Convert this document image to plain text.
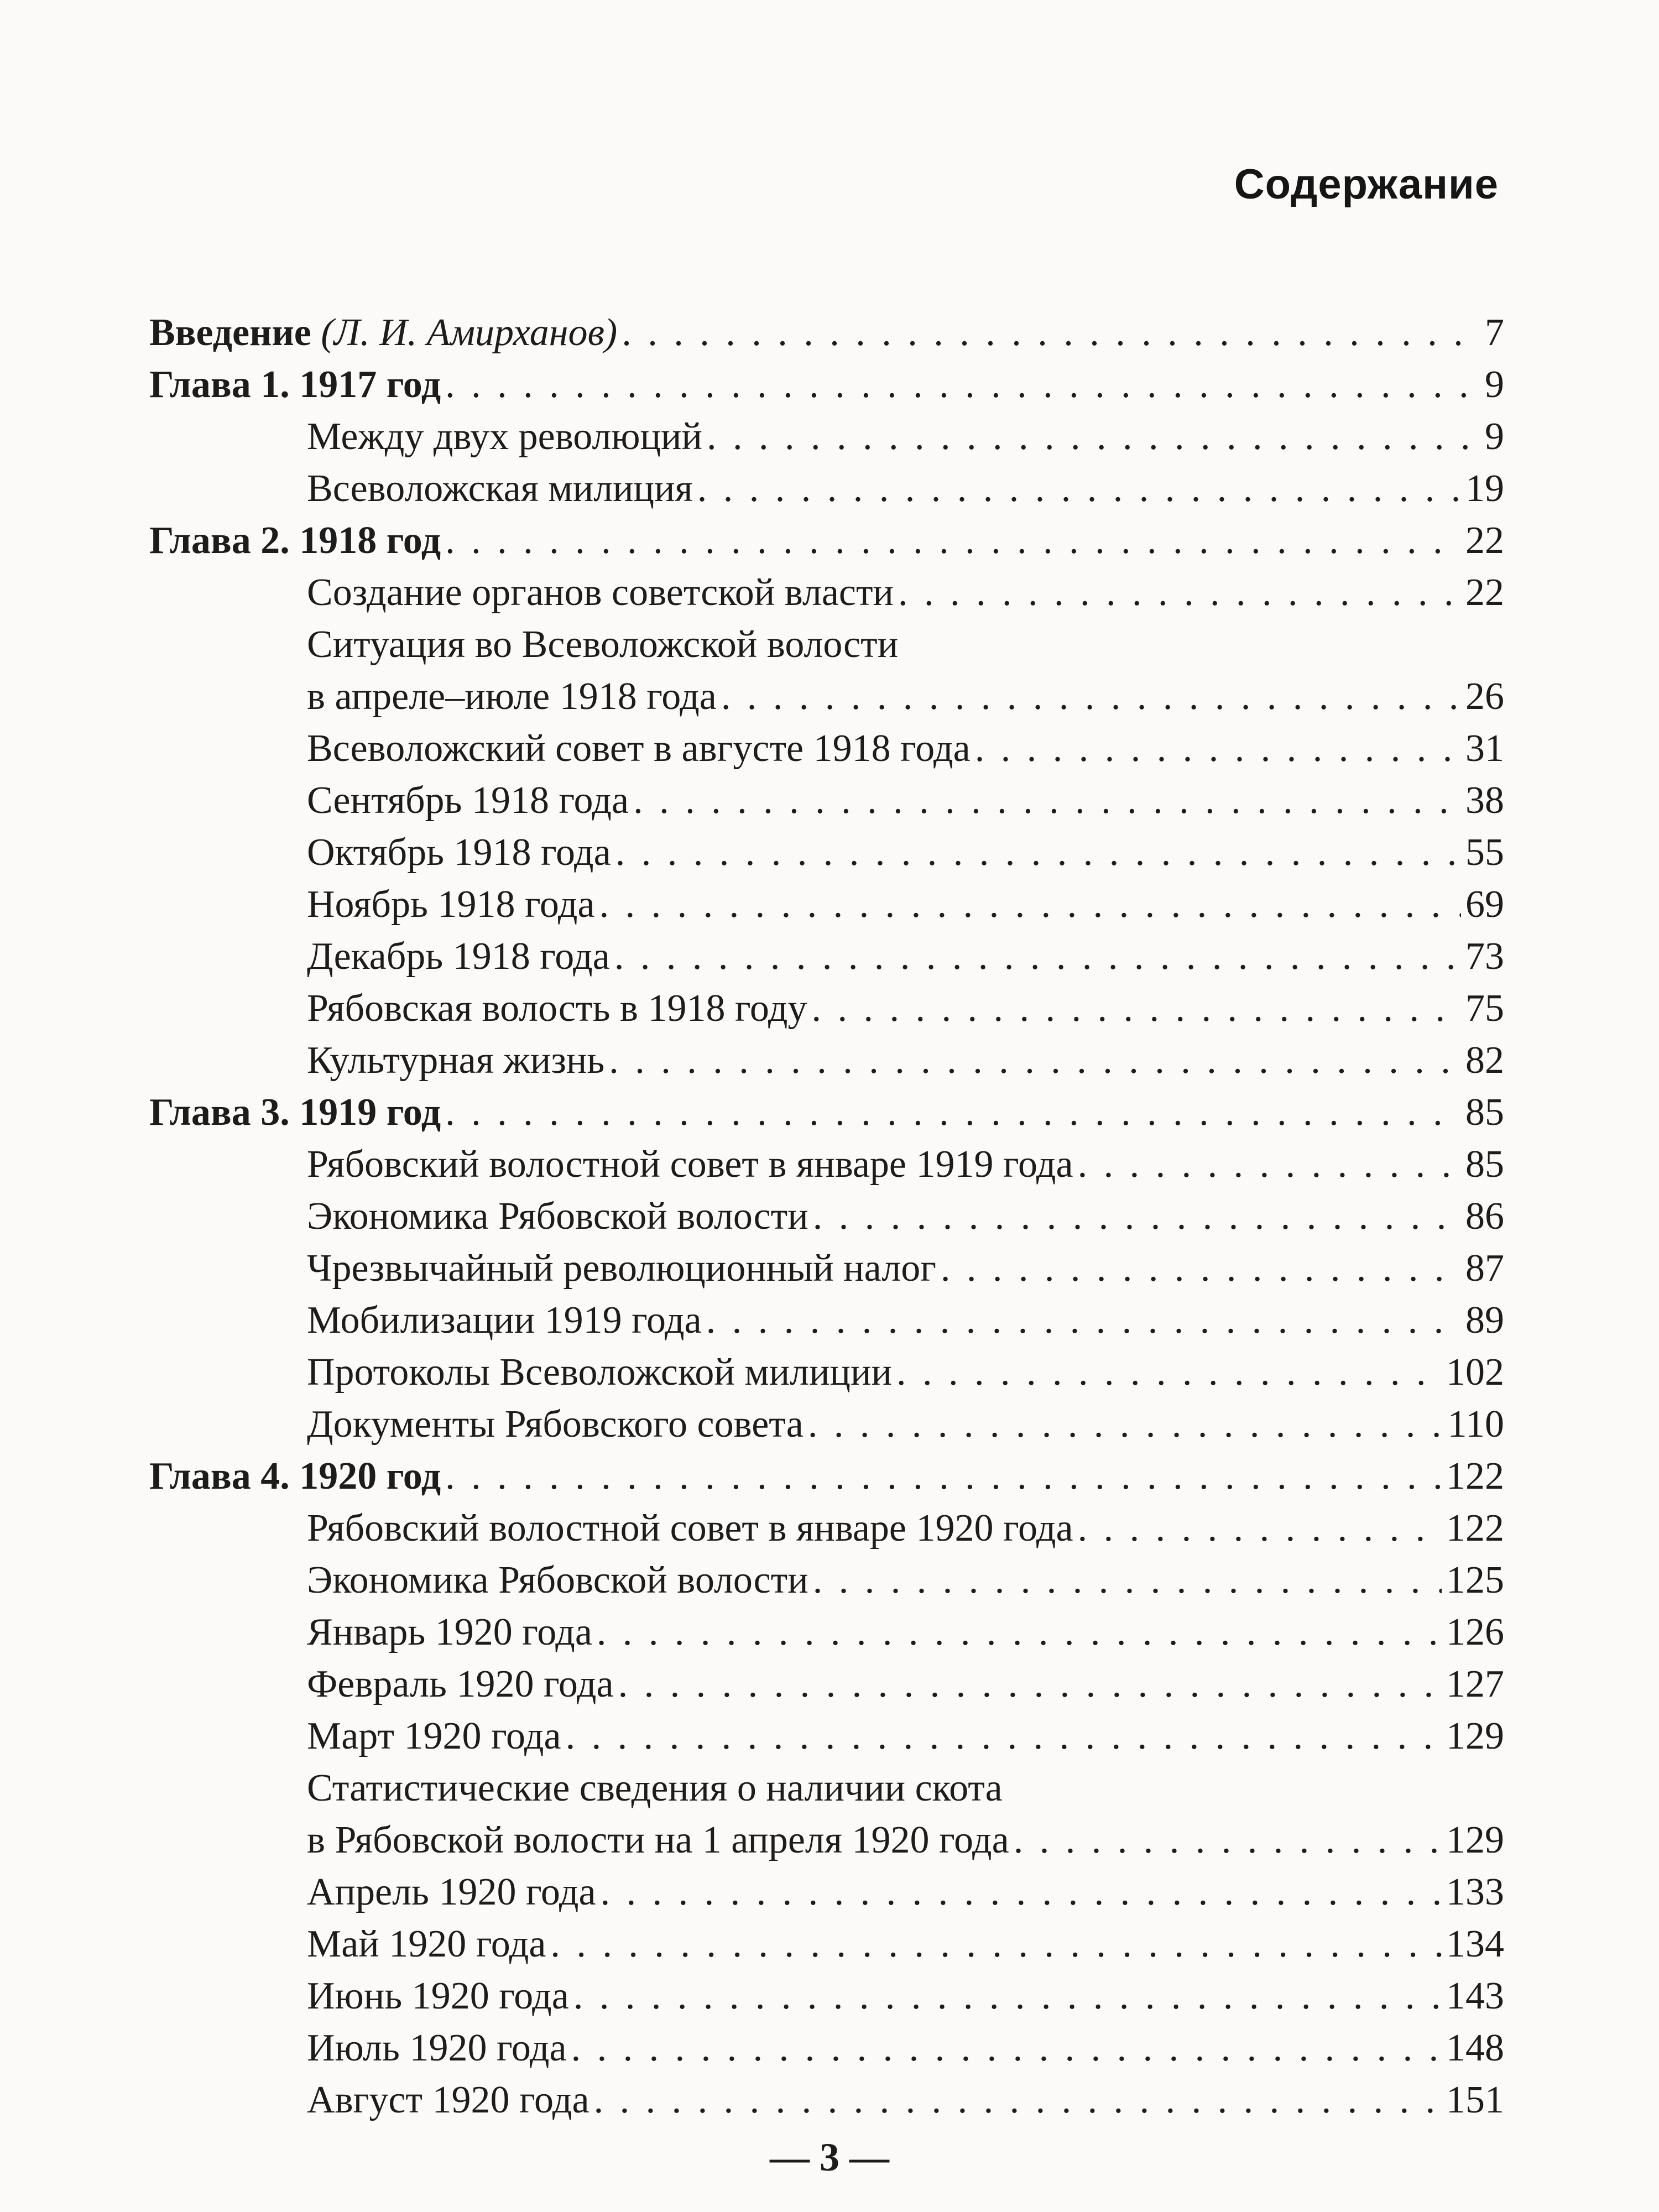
Содержание
Введение (Л. И. Амирханов) . . .	7
Глава 1. 1917 год . . .	9
Между двух революций . . .	9
Всеволожская милиция . . .	19
Глава 2. 1918 год . . .	22
Создание органов советской власти . . .	22
Ситуация во Всеволожской волости
в апреле–июле 1918 года . . .	26
Всеволожский совет в августе 1918 года . . .	31
Сентябрь 1918 года . . .	38
Октябрь 1918 года . . .	55
Ноябрь 1918 года . . .	69
Декабрь 1918 года . . .	73
Рябовская волость в 1918 году . . .	75
Культурная жизнь . . .	82
Глава 3. 1919 год . . .	85
Рябовский волостной совет в январе 1919 года . . .	85
Экономика Рябовской волости . . .	86
Чрезвычайный революционный налог . . .	87
Мобилизации 1919 года . . .	89
Протоколы Всеволожской милиции . . .	102
Документы Рябовского совета . . .	110
Глава 4. 1920 год . . .	122
Рябовский волостной совет в январе 1920 года . . .	122
Экономика Рябовской волости . . .	125
Январь 1920 года . . .	126
Февраль 1920 года . . .	127
Март 1920 года . . .	129
Статистические сведения о наличии скота
в Рябовской волости на 1 апреля 1920 года . . .	129
Апрель 1920 года . . .	133
Май 1920 года . . .	134
Июнь 1920 года . . .	143
Июль 1920 года . . .	148
Август 1920 года . . .	151
— 3 —
